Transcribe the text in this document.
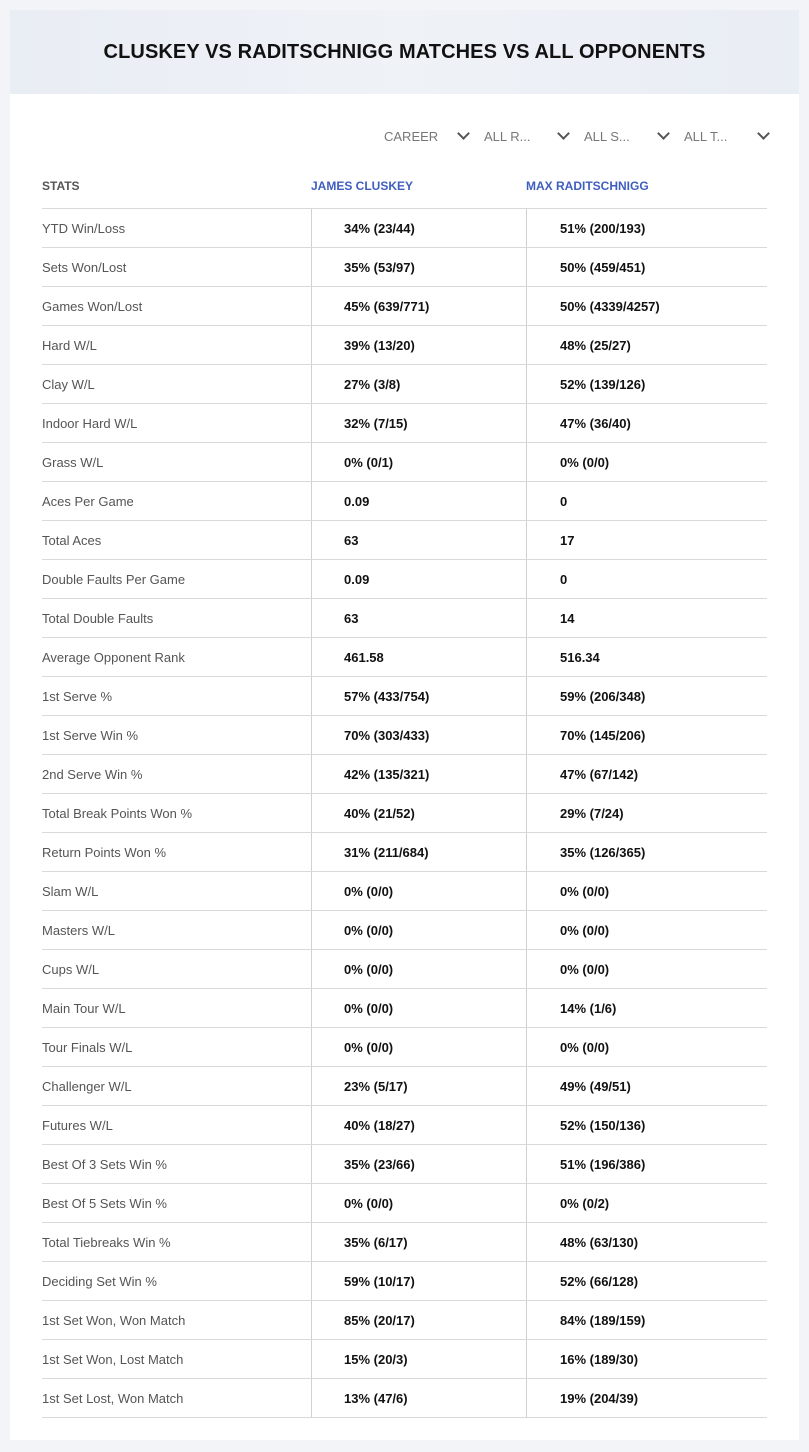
CLUSKEY VS RADITSCHNIGG MATCHES VS ALL OPPONENTS
CAREER	ALL R...	ALL S...	ALL T...
STATS	JAMES CLUSKEY	MAX RADITSCHNIGG
YTD Win/Loss	34% (23/44)	51% (200/193)
Sets Won/Lost	35% (53/97)	50% (459/451)
Games Won/Lost	45% (639/771)	50% (4339/4257)
Hard W/L	39% (13/20)	48% (25/27)
Clay W/L	27% (3/8)	52% (139/126)
Indoor Hard W/L	32% (7/15)	47% (36/40)
Grass W/L	0% (0/1)	0% (0/0)
Aces Per Game	0.09	0
Total Aces	63	17
Double Faults Per Game	0.09	0
Total Double Faults	63	14
Average Opponent Rank	461.58	516.34
1st Serve %	57% (433/754)	59% (206/348)
1st Serve Win %	70% (303/433)	70% (145/206)
2nd Serve Win %	42% (135/321)	47% (67/142)
Total Break Points Won %	40% (21/52)	29% (7/24)
Return Points Won %	31% (211/684)	35% (126/365)
Slam W/L	0% (0/0)	0% (0/0)
Masters W/L	0% (0/0)	0% (0/0)
Cups W/L	0% (0/0)	0% (0/0)
Main Tour W/L	0% (0/0)	14% (1/6)
Tour Finals W/L	0% (0/0)	0% (0/0)
Challenger W/L	23% (5/17)	49% (49/51)
Futures W/L	40% (18/27)	52% (150/136)
Best Of 3 Sets Win %	35% (23/66)	51% (196/386)
Best Of 5 Sets Win %	0% (0/0)	0% (0/2)
Total Tiebreaks Win %	35% (6/17)	48% (63/130)
Deciding Set Win %	59% (10/17)	52% (66/128)
1st Set Won, Won Match	85% (20/17)	84% (189/159)
1st Set Won, Lost Match	15% (20/3)	16% (189/30)
1st Set Lost, Won Match	13% (47/6)	19% (204/39)
